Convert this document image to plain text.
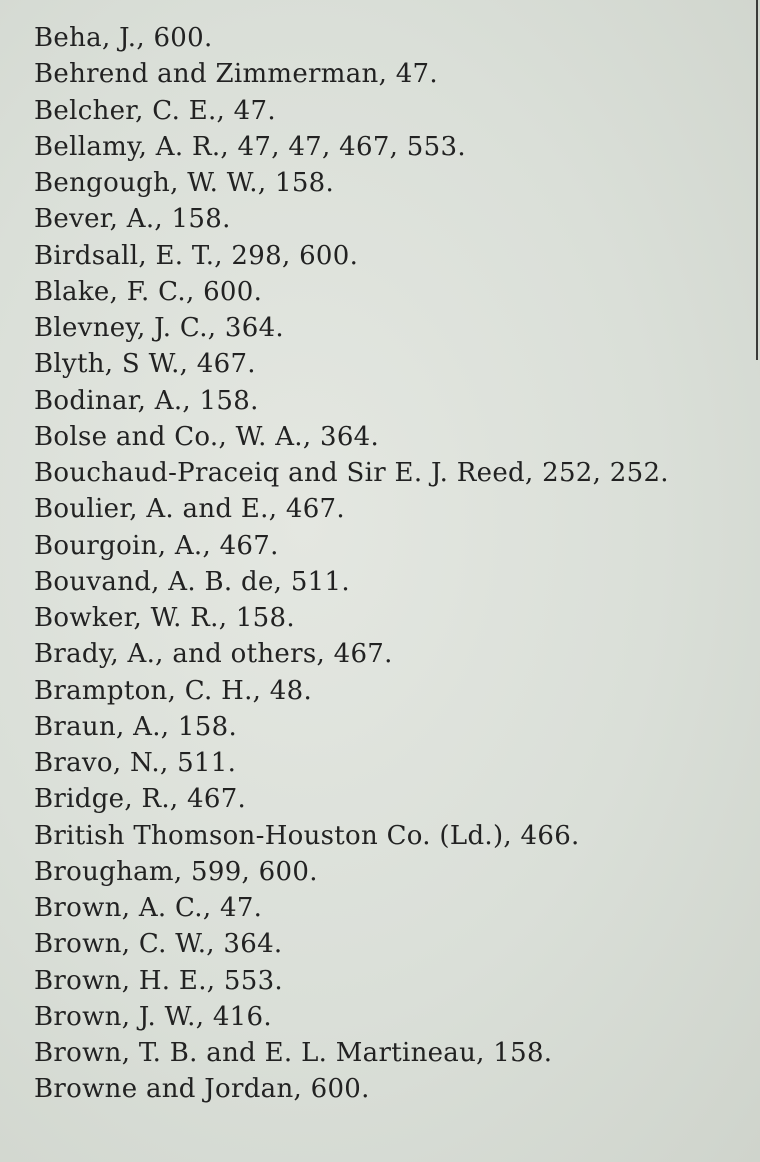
Beha, J., 600.
Behrend and Zimmerman, 47.
Belcher, C. E., 47.
Bellamy, A. R., 47, 47, 467, 553.
Bengough, W. W., 158.
Bever, A., 158.
Birdsall, E. T., 298, 600.
Blake, F. C., 600.
Blevney, J. C., 364.
Blyth, S W., 467.
Bodinar, A., 158.
Bolse and Co., W. A., 364.
Bouchaud-Praceiq and Sir E. J. Reed, 252, 252.
Boulier, A. and E., 467.
Bourgoin, A., 467.
Bouvand, A. B. de, 511.
Bowker, W. R., 158.
Brady, A., and others, 467.
Brampton, C. H., 48.
Braun, A., 158.
Bravo, N., 511.
Bridge, R., 467.
British Thomson-Houston Co. (Ld.), 466.
Brougham, 599, 600.
Brown, A. C., 47.
Brown, C. W., 364.
Brown, H. E., 553.
Brown, J. W., 416.
Brown, T. B. and E. L. Martineau, 158.
Browne and Jordan, 600.
